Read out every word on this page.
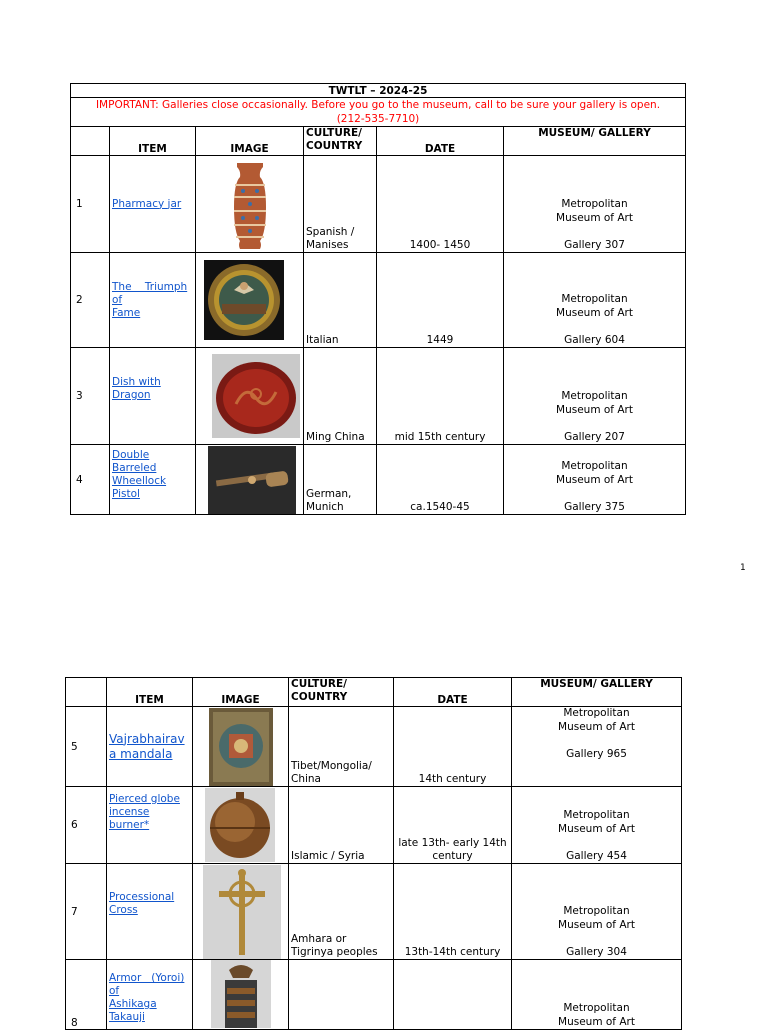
TWTLT – 2024-25					
IMPORTANT: Galleries close occasionally. Before you go to the museum, call to be sure your gallery is open.
(212-535-7710)					
	ITEM	IMAGE	CULTURE/
COUNTRY	DATE	MUSEUM/ GALLERY
1	Pharmacy jar		Spanish /
Manises	1400- 1450	Metropolitan
Museum of Art

Gallery 307
2	The    Triumph
of
Fame		Italian	1449	Metropolitan
Museum of Art

Gallery 604
3	Dish with
Dragon		Ming China	mid 15th century	Metropolitan
Museum of Art

Gallery 207
4	Double
Barreled
Wheellock
Pistol		German,
Munich	ca.1540-45	Metropolitan
Museum of Art

Gallery 375
1
	ITEM	IMAGE	CULTURE/
COUNTRY	DATE	MUSEUM/ GALLERY
5	Vajrabhairav
a mandala		Tibet/Mongolia/
China	14th century	Metropolitan
Museum of Art

Gallery 965
6	Pierced globe
incense
burner*		Islamic / Syria	late 13th- early 14th century	Metropolitan
Museum of Art

Gallery 454
7	Processional
Cross		Amhara or
Tigrinya peoples	13th-14th century	Metropolitan
Museum of Art

Gallery 304
8	Armor   (Yoroi)
of
Ashikaga
Takauji				Metropolitan
Museum of Art
